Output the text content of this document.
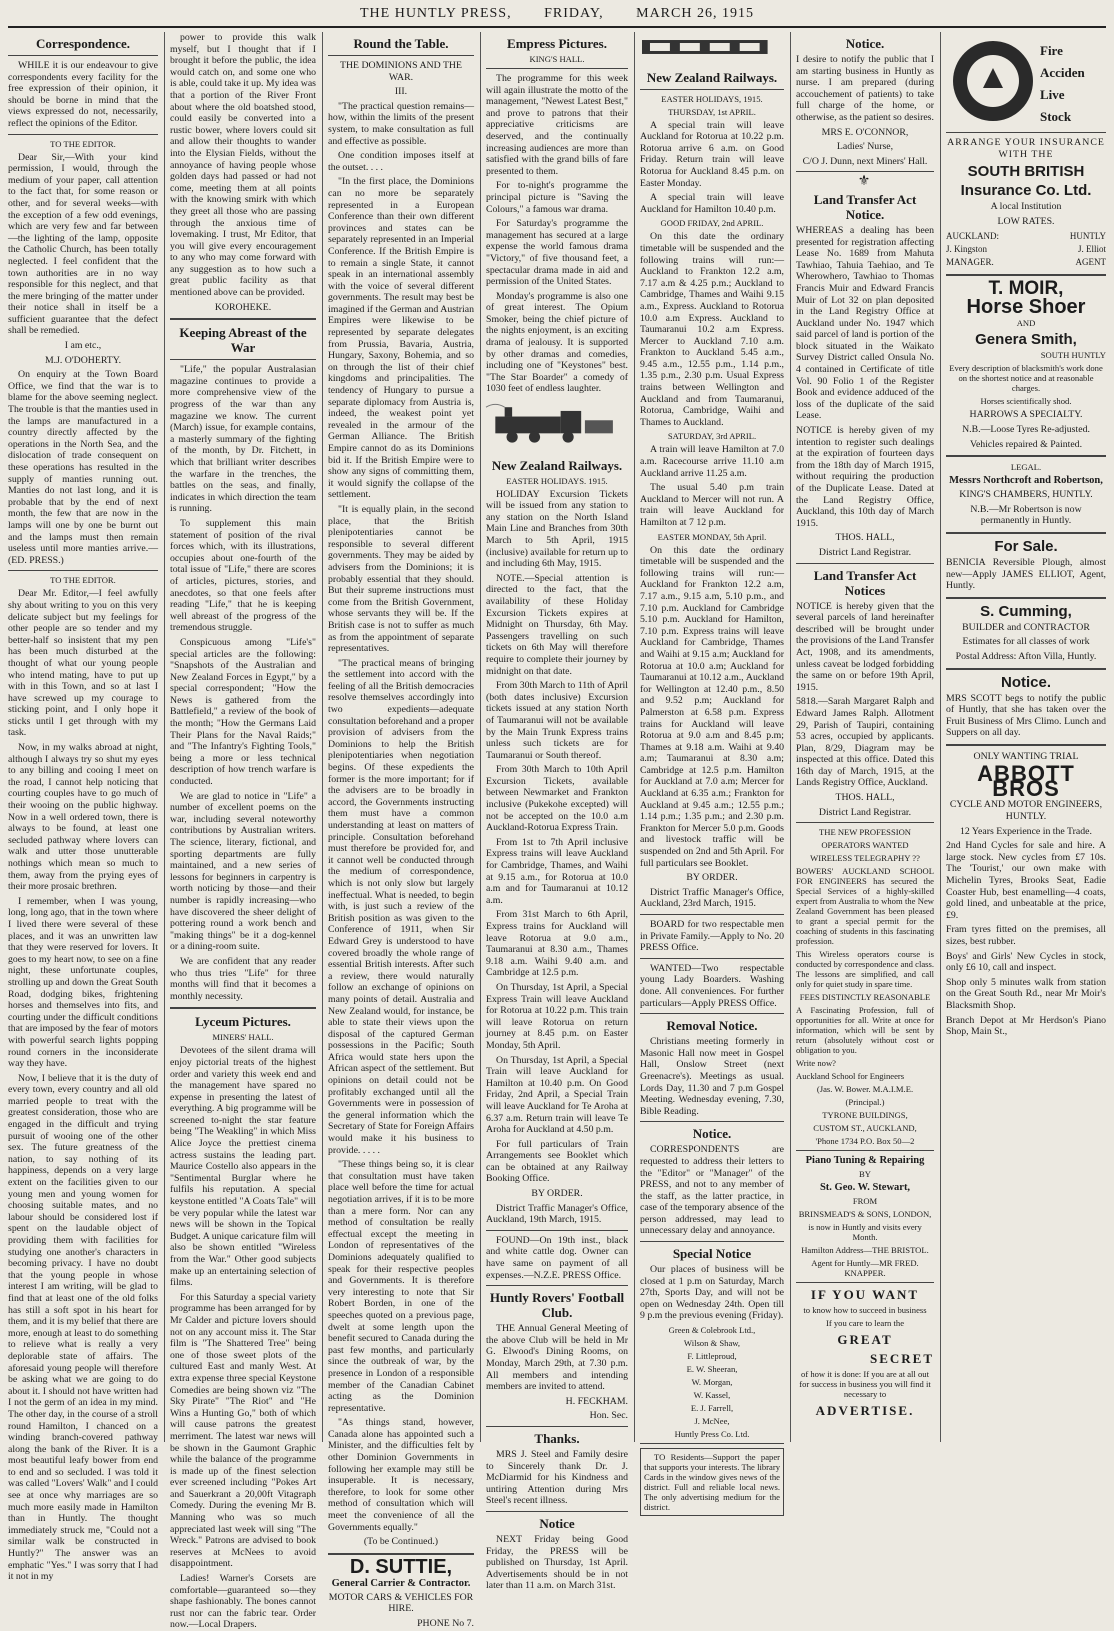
THE HUNTLY PRESS, FRIDAY, MARCH 26, 1915
Correspondence.

WHILE it is our endeavour to give correspondents every facility for the free expression of their opinion, it should be borne in mind that the views expressed do not, necessarily, reflect the opinions of the Editor.

TO THE EDITOR.

Dear Sir,—With your kind permission, I would, through the medium of your paper, call attention to the fact that, for some reason or other, and for several weeks—with the exception of a few odd evenings, which are very few and far between—the lighting of the lamp, opposite the Catholic Church, has been totally neglected. I feel confident that the town authorities are in no way responsible for this neglect, and that the mere bringing of the matter under their notice shall in itself be a sufficient guarantee that the defect shall be remedied.

I am etc.,

M.J. O'DOHERTY.

On enquiry at the Town Board Office, we find that the war is to blame for the above seeming neglect. The trouble is that the manties used in the lamps are manufactured in a country directly affected by the operations in the North Sea, and the dislocation of trade consequent on these operations has resulted in the supply of manties running out. Manties do not last long, and it is probable that by the end of next month, the few that are now in the lamps will one by one be burnt out and the lamps must then remain useless until more manties arrive.—(ED. PRESS.)

TO THE EDITOR.

Dear Mr. Editor,—I feel awfully shy about writing to you on this very delicate subject but my feelings for other people are so tender and my better-half so insistent that my pen has been much disturbed at the thought of what our young people who intend mating, have to put up with in this Town, and so at last I have screwed up my courage to sticking point, and I only hope it sticks until I get through with my task.

Now, in my walks abroad at night, although I always try so shut my eyes to any billing and cooing I meet on the road, I cannot help noticing that courting couples have to go much of their wooing on the public highway. Now in a well ordered town, there is always to be found, at least one secluded pathway where lovers can walk and utter those unutterable nothings which mean so much to them, away from the prying eyes of their more prosaic brethren.

I remember, when I was young, long, long ago, that in the town where I lived there were several of these places, and it was an unwritten law that they were reserved for lovers. It goes to my heart now, to see on a fine night, these unfortunate couples, strolling up and down the Great South Road, dodging bikes, frightening horses and themselves into fits, and courting under the difficult conditions that are imposed by the fear of motors with powerful search lights popping round corners in the inconsiderate way they have.

Now, I believe that it is the duty of every town, every country and all old married people to treat with the greatest consideration, those who are engaged in the difficult and trying pursuit of wooing one of the other sex. The future greatness of the nation, to say nothing of its happiness, depends on a very large extent on the facilities given to our young men and young women for choosing suitable mates, and no labour should be considered lost if spent on the laudable object of providing them with facilities for studying one another's characters in becoming privacy. I have no doubt that the young people in whose interest I am writing, will be glad to find that at least one of the old folks has still a soft spot in his heart for them, and it is my belief that there are more, enough at least to do something to relieve what is really a very deplorable state of affairs. The aforesaid young people will therefore be asking what we are going to do about it. I should not have written had I not the germ of an idea in my mind. The other day, in the course of a stroll round Hamilton, I chanced on a winding branch-covered pathway along the bank of the River. It is a most beautiful leafy bower from end to end and so secluded. I was told it was called "Lovers' Walk" and I could see at once why marriages are so much more easily made in Hamilton than in Huntly. The thought immediately struck me, "Could not a similar walk be constructed in Huntly?" The answer was an emphatic "Yes." I was sorry that I had it not in my

power to provide this walk myself, but I thought that if I brought it before the public, the idea would catch on, and some one who is able, could take it up. My idea was that a portion of the River Front about where the old boatshed stood, could easily be converted into a rustic bower, where lovers could sit and allow their thoughts to wander into the Elysian Fields, without the annoyance of having people whose golden days had passed or had not come, meeting them at all points with the knowing smirk with which they greet all those who are passing through the anxious time of lovemaking. I trust, Mr Editor, that you will give every encouragement to any who may come forward with any suggestion as to how such a great public facility as that mentioned above can be provided.

KOROHEKE.

Keeping Abreast of the War

"Life," the popular Australasian magazine continues to provide a more comprehensive view of the progress of the war than any magazine we know. The current (March) issue, for example contains, a masterly summary of the fighting of the month, by Dr. Fitchett, in which that brilliant writer describes the warfare in the trenches, the battles on the seas, and finally, indicates in which direction the team is running.

To supplement this main statement of position of the rival forces which, with its illustrations, occupies about one-fourth of the total issue of "Life," there are scores of articles, pictures, stories, and anecdotes, so that one feels after reading "Life," that he is keeping well abreast of the progress of the tremendous struggle.

Conspicuous among "Life's" special articles are the following: "Snapshots of the Australian and New Zealand Forces in Egypt," by a special correspondent; "How the News is gathered from the Battlefield," a review of the book of the month; "How the Germans Laid Their Plans for the Naval Raids;" and "The Infantry's Fighting Tools," being a more or less technical description of how trench warfare is conducted.

We are glad to notice in "Life" a number of excellent poems on the war, including several noteworthy contributions by Australian writers. The science, literary, fictional, and sporting departments are fully maintained, and a new series of lessons for beginners in carpentry is worth noticing by those—and their number is rapidly increasing—who have discovered the sheer delight of pottering round a work bench and "making things" be it a dog-kennel or a dining-room suite.

We are confident that any reader who thus tries "Life" for three months will find that it becomes a monthly necessity.

Lyceum Pictures.

MINERS' HALL.

Devotees of the silent drama will enjoy pictorial treats of the highest order and variety this week end and the management have spared no expense in presenting the latest of everything. A big programme will be screened to-night the star feature being "The Weakling" in which Miss Alice Joyce the prettiest cinema actress sustains the leading part. Maurice Costello also appears in the "Sentimental Burglar where he fulfils his reputation. A special keystone entitled "A Coats Tale" will be very popular while the latest war news will be shown in the Topical Budget. A unique caricature film will also be shown entitled "Wireless from the War." Other good subjects make up an entertaining selection of films.

For this Saturday a special variety programme has been arranged for by Mr Calder and picture lovers should not on any account miss it. The Star film is "The Shattered Tree" being one of those sweet plots of the cultured East and manly West. At extra expense three special Keystone Comedies are being shown viz "The Sky Pirate" "The Riot" and "He Wins a Hunting Go," both of which will cause patrons the greatest merriment. The latest war news will be shown in the Gaumont Graphic while the balance of the programme is made up of the finest selection ever screened including "Pokes Art and Sauerkrant a 20,00ft Vitagraph Comedy. During the evening Mr B. Manning who was so much appreciated last week will sing "The Wreck." Patrons are advised to book reserves at McNees to avoid disappointment.

Ladies! Warner's Corsets are comfortable—guaranteed so—they shape fashionably. The bones cannot rust nor can the fabric tear. Order now.—Local Drapers.

Round the Table.

THE DOMINIONS AND THE WAR.

III.

"The practical question remains—how, within the limits of the present system, to make consultation as full and effective as possible.

One condition imposes itself at the outset. . . .

"In the first place, the Dominions can no more be separately represented in a European Conference than their own different provinces and states can be separately represented in an Imperial Conference. If the British Empire is to remain a single State, it cannot speak in an international assembly with the voice of several different governments. The result may best be imagined if the German and Austrian Empires were likewise to be represented by separate delegates from Prussia, Bavaria, Austria, Hungary, Saxony, Bohemia, and so on through the list of their chief kingdoms and principalities. The tendency of Hungary to pursue a separate diplomacy from Austria is, indeed, the weakest point yet revealed in the armour of the German Alliance. The British Empire cannot do as its Dominions bid it. If the British Empire were to show any signs of committing them, it would signify the collapse of the settlement.

"It is equally plain, in the second place, that the British plenipotentiaries cannot be responsible to several different governments. They may be aided by advisers from the Dominions; it is probably essential that they should. But their supreme instructions must come from the British Government, whose servants they will be. If the British case is not to suffer as much as from the appointment of separate representatives.

"The practical means of bringing the settlement into accord with the feeling of all the British democracies resolve themselves accordingly into two expedients—adequate consultation beforehand and a proper provision of advisers from the Dominions to help the British plenipotentiaries when negotiation begins. Of these expedients the former is the more important; for if the advisers are to be broadly in accord, the Governments instructing them must have a common understanding at least on matters of principle. Consultation beforehand must therefore be provided for, and it cannot well be conducted through the medium of correspondence, which is not only slow but largely ineffectual. What is needed, to begin with, is just such a review of the British position as was given to the Conference of 1911, when Sir Edward Grey is understood to have covered broadly the whole range of essential British interests. After such a review, there would naturally follow an exchange of opinions on many points of detail. Australia and New Zealand would, for instance, be able to state their views upon the disposal of the captured German possessions in the Pacific; South Africa would state hers upon the African aspect of the settlement. But opinions on detail could not be profitably exchanged until all the Governments were in possession of the general information which the Secretary of State for Foreign Affairs would make it his business to provide. . . . .

"These things being so, it is clear that consultation must have taken place well before the time for actual negotiation arrives, if it is to be more than a mere form. Nor can any method of consultation be really effectual except the meeting in London of representatives of the Dominions adequately qualified to speak for their respective peoples and Governments. It is therefore very interesting to note that Sir Robert Borden, in one of the speeches quoted on a previous page, dwelt at some length upon the benefit secured to Canada during the past few months, and particularly since the outbreak of war, by the presence in London of a responsible member of the Canadian Cabinet acting as the Dominion representative.

"As things stand, however, Canada alone has appointed such a Minister, and the difficulties felt by other Dominion Governments in following her example may still be insuperable. It is necessary, therefore, to look for some other method of consultation which will meet the convenience of all the Governments equally."

(To be Continued.)

D. SUTTIE,
General Carrier & Contractor.

MOTOR CARS & VEHICLES FOR HIRE.

PHONE No 7.

Empress Pictures.

KING'S HALL.

The programme for this week will again illustrate the motto of the management, "Newest Latest Best," and prove to patrons that their appreciative criticisms are deserved, and the continually increasing audiences are more than satisfied with the grand bills of fare presented to them.

For to-night's programme the principal picture is "Saving the Colours," a famous war drama.

For Saturday's programme the management has secured at a large expense the world famous drama "Victory," of five thousand feet, a spectacular drama made in aid and permission of the United States.

Monday's programme is also one of great interest. The Opium Smoker, being the chief picture of the nights enjoyment, is an exciting drama of jealousy. It is supported by other dramas and comedies, including one of "Keystones" best. "The Star Boarder" a comedy of 1030 feet of endless laughter.

New Zealand Railways.

EASTER HOLIDAYS. 1915.

HOLIDAY Excursion Tickets will be issued from any station to any station on the North Island Main Line and Branches from 30th March to 5th April, 1915 (inclusive) available for return up to and including 6th May, 1915.

NOTE.—Special attention is directed to the fact, that the availability of these Holiday Excursion Tickets expires at Midnight on Thursday, 6th May. Passengers travelling on such tickets on 6th May will therefore require to complete their journey by midnight on that date.

From 30th March to 11th of April (both dates inclusive) Excursion tickets issued at any station North of Taumaranui will not be available by the Main Trunk Express trains unless such tickets are for Taumaranui or South thereof.

From 30th March to 10th April Excursion Tickets, available between Newmarket and Frankton inclusive (Pukekohe excepted) will not be accepted on the 10.0 a.m Auckland-Rotorua Express Train.

From 1st to 7th April inclusive Express trains will leave Auckland for Cambridge, Thames, and Waihi at 9.15 a.m., for Rotorua at 10.0 a.m and for Taumaranui at 10.12 a.m.

From 31st March to 6th April, Express trains for Auckland will leave Rotorua at 9.0 a.m., Taumaranui at 8.30 a.m., Thames 9.18 a.m. Waihi 9.40 a.m. and Cambridge at 12.5 p.m.

On Thursday, 1st April, a Special Express Train will leave Auckland for Rotorua at 10.22 p.m. This train will leave Rotorua on return journey at 8.45 p.m. on Easter Monday, 5th April.

On Thursday, 1st April, a Special Train will leave Auckland for Hamilton at 10.40 p.m. On Good Friday, 2nd April, a Special Train will leave Auckland for Te Aroha at 6.37 a.m. Return train will leave Te Aroha for Auckland at 4.50 p.m.

For full particulars of Train Arrangements see Booklet which can be obtained at any Railway Booking Office.

BY ORDER.

District Traffic Manager's Office, Auckland, 19th March, 1915.

FOUND—On 19th inst., black and white cattle dog. Owner can have same on payment of all expenses.—N.Z.E. PRESS Office.

Huntly Rovers' Football Club.

THE Annual General Meeting of the above Club will be held in Mr G. Elwood's Dining Rooms, on Monday, March 29th, at 7.30 p.m. All members and intending members are invited to attend.

H. FECKHAM.

Hon. Sec.

Thanks.

MRS J. Steel and Family desire to Sincerely thank Dr. J. McDiarmid for his Kindness and untiring Attention during Mrs Steel's recent illness.

Notice

NEXT Friday being Good Friday, the PRESS will be published on Thursday, 1st April. Advertisements should be in not later than 11 a.m. on March 31st.

New Zealand Railways.

EASTER HOLIDAYS, 1915.

THURSDAY, 1st APRIL.

A special train will leave Auckland for Rotorua at 10.22 p.m. Rotorua arrive 6 a.m. on Good Friday. Return train will leave Rotorua for Auckland 8.45 p.m. on Easter Monday.

A special train will leave Auckland for Hamilton 10.40 p.m.

GOOD FRIDAY, 2nd APRIL.

On this date the ordinary timetable will be suspended and the following trains will run:—Auckland to Frankton 12.2 a.m, 7.17 a.m & 4.25 p.m.; Auckland to Cambridge, Thames and Waihi 9.15 a.m., Express. Auckland to Rotorua 10.0 a.m Express. Auckland to Taumaranui 10.2 a.m Express. Mercer to Auckland 7.10 a.m. Frankton to Auckland 5.45 a.m., 9.45 a.m., 12.55 p.m., 1.14 p.m., 1.35 p.m., 2.30 p.m. Usual Express trains between Wellington and Auckland and from Taumaranui, Rotorua, Cambridge, Waihi and Thames to Auckland.

SATURDAY, 3rd APRIL.

A train will leave Hamilton at 7.0 a.m. Racecourse arrive 11.10 a.m Auckland arrive 11.25 a.m.

The usual 5.40 p.m train Auckland to Mercer will not run. A train will leave Auckland for Hamilton at 7 12 p.m.

EASTER MONDAY, 5th April.

On this date the ordinary timetable will be suspended and the following trains will run:—Auckland for Frankton 12.2 a.m, 7.17 a.m., 9.15 a.m, 5.10 p.m., and 7.10 p.m. Auckland for Cambridge 5.10 p.m. Auckland for Hamilton, 7.10 p.m. Express trains will leave Auckland for Cambridge, Thames and Waihi at 9.15 a.m; Auckland for Rotorua at 10.0 a.m; Auckland for Taumaranui at 10.12 a.m., Auckland for Wellington at 12.40 p.m., 8.50 and 9.52 p.m; Auckland for Palmerston at 6.58 p.m. Express trains for Auckland will leave Rotorua at 9.0 a.m and 8.45 p.m; Thames at 9.18 a.m. Waihi at 9.40 a.m; Taumaranui at 8.30 a.m; Cambridge at 12.5 p.m. Hamilton for Auckland at 7.0 a.m; Mercer for Auckland at 6.35 a.m.; Frankton for Auckland at 9.45 a.m.; 12.55 p.m.; 1.14 p.m.; 1.35 p.m.; and 2.30 p.m. Frankton for Mercer 5.0 p.m. Goods and livestock traffic will be suspended on 2nd and 5th April. For full particulars see Booklet.

BY ORDER.

District Traffic Manager's Office, Auckland, 23rd March, 1915.

BOARD for two respectable men in Private Family.—Apply to No. 20 PRESS Office.

WANTED—Two respectable young Lady Boarders. Washing done. All conveniences. For further particulars—Apply PRESS Office.

Removal Notice.

Christians meeting formerly in Masonic Hall now meet in Gospel Hall, Onslow Street (next Greenacre's). Meetings as usual. Lords Day, 11.30 and 7 p.m Gospel Meeting. Wednesday evening, 7.30, Bible Reading.

Notice.

CORRESPONDENTS are requested to address their letters to the "Editor" or "Manager" of the PRESS, and not to any member of the staff, as the latter practice, in case of the temporary absence of the person addressed, may lead to unnecessary delay and annoyance.

Special Notice

Our places of business will be closed at 1 p.m on Saturday, March 27th, Sports Day, and will not be open on Wednesday 24th. Open till 9 p.m the previous evening (Friday).

Green & Colebrook Ltd.,

Wilson & Shaw,

F. Littleproud,

E. W. Sheeran,

W. Morgan,

W. Kassel,

E. J. Farrell,

J. McNee,

Huntly Press Co. Ltd.

TO Residents—Support the paper that supports your interests. The library Cards in the window gives news of the district. Full and reliable local news. The only advertising medium for the district.

Notice.

I desire to notify the public that I am starting business in Huntly as nurse. I am prepared (during accouchement of patients) to take full charge of the home, or otherwise, as the patient so desires.

MRS E. O'CONNOR,

Ladies' Nurse,

C/O J. Dunn, next Miners' Hall.

⚜
Land Transfer Act Notice.

WHEREAS a dealing has been presented for registration affecting Lease No. 1689 from Mahuta Tawhiao, Tahuia Taehiao, and Te Wherowhero, Tawhiao to Thomas Francis Muir and Edward Francis Muir of Lot 32 on plan deposited in the Land Registry Office at Auckland under No. 1947 which said parcel of land is portion of the block situated in the Waikato Survey District called Onsula No. 4 contained in Certificate of title Vol. 90 Folio 1 of the Register Book and evidence adduced of the loss of the duplicate of the said Lease.

NOTICE is hereby given of my intention to register such dealings at the expiration of fourteen days from the 18th day of March 1915, without requiring the production of the Duplicate Lease. Dated at the Land Registry Office, Auckland, this 10th day of March 1915.

THOS. HALL,

District Land Registrar.

Land Transfer Act Notices

NOTICE is hereby given that the several parcels of land hereinafter described will be brought under the provisions of the Land Transfer Act, 1908, and its amendments, unless caveat be lodged forbidding the same on or before 19th April, 1915.

5818.—Sarah Margaret Ralph and Edward James Ralph. Allotment 29, Parish of Taupiri, containing 53 acres, occupied by applicants. Plan, 8/29, Diagram may be inspected at this office. Dated this 16th day of March, 1915, at the Lands Registry Office, Auckland.

THOS. HALL,

District Land Registrar.

THE NEW PROFESSION

OPERATORS WANTED

WIRELESS TELEGRAPHY ??

BOWERS' AUCKLAND SCHOOL FOR ENGINEERS has secured the Special Services of a highly-skilled expert from Australia to whom the New Zealand Government has been pleased to grant a special permit for the coaching of students in this fascinating profession.

This Wireless operators course is conducted by correspondence and class. The lessons are simplified, and call only for quiet study in spare time.

FEES DISTINCTLY REASONABLE

A Fascinating Profession, full of opportunities for all. Write at once for information, which will be sent by return (absolutely without cost or obligation to you.

Write now?

Auckland School for Engineers

(Jas. W. Bower. M.A.I.M.E.

(Principal.)

TYRONE BUILDINGS,

CUSTOM ST., AUCKLAND,

'Phone 1734 P.O. Box 50—2

Piano Tuning & Repairing

BY

St. Geo. W. Stewart,

FROM

BRINSMEAD'S & SONS, LONDON,

is now in Huntly and visits every Month.

Hamilton Address—THE BRISTOL.

Agent for Huntly—MR FRED. KNAPPER.

IF YOU WANT

to know how to succeed in business

If you care to learn the

GREAT
SECRET

of how it is done: If you are at all out for success in business you will find it necessary to

ADVERTISE.
Fire
Acciden
Live
Stock

ARRANGE YOUR INSURANCE WITH THE

SOUTH BRITISH
Insurance Co. Ltd.

A local Institution

LOW RATES.

AUCKLAND:
J. Kingston
MANAGER.
HUNTLY
J. Elliot
AGENT
T. MOIR,
Horse Shoer

AND

Genera Smith,

SOUTH HUNTLY

Every description of blacksmith's work done on the shortest notice and at reasonable charges.

Horses scientifically shod.

HARROWS A SPECIALTY.

N.B.—Loose Tyres Re-adjusted.

Vehicles repaired & Painted.

LEGAL.

Messrs Northcroft and Robertson,

KING'S CHAMBERS, HUNTLY.

N.B.—Mr Robertson is now permanently in Huntly.

For Sale.

BENICIA Reversible Plough, almost new—Apply JAMES ELLIOT, Agent, Huntly.

S. Cumming,

BUILDER and CONTRACTOR

Estimates for all classes of work

Postal Address: Afton Villa, Huntly.

Notice.

MRS SCOTT begs to notify the public of Huntly, that she has taken over the Fruit Business of Mrs Climo. Lunch and Suppers on all day.

ONLY WANTING TRIAL

ABBOTT BROS

CYCLE AND MOTOR ENGINEERS, HUNTLY.

12 Years Experience in the Trade.

2nd Hand Cycles for sale and hire. A large stock. New cycles from £7 10s. The 'Tourist,' our own make with Michelin Tyres, Brooks Seat, Eadie Coaster Hub, best enamelling—4 coats, gold lined, and unbeatable at the price, £9.

Fram tyres fitted on the premises, all sizes, best rubber.

Boys' and Girls' New Cycles in stock, only £6 10, call and inspect.

Shop only 5 minutes walk from station on the Great South Rd., near Mr Moir's Blacksmith Shop.

Branch Depot at Mr Herdson's Piano Shop, Main St.,
